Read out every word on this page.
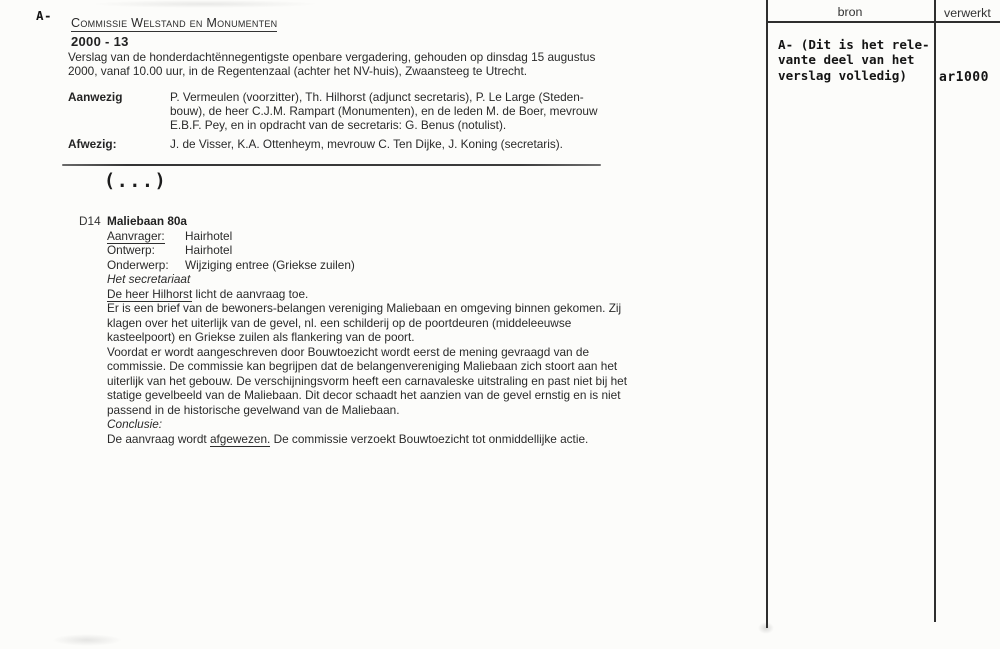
A- Commissie Welstand en Monumenten
2000 - 13
Verslag van de honderdachtënnegentigste openbare vergadering, gehouden op dinsdag 15 augustus
2000, vanaf 10.00 uur, in de Regentenzaal (achter het NV-huis), Zwaansteeg te Utrecht.
Aanwezig	P. Vermeulen (voorzitter), Th. Hilhorst (adjunct secretaris), P. Le Large (Steden-
bouw), de heer C.J.M. Rampart (Monumenten), en de leden M. de Boer, mevrouw
E.B.F. Pey, en in opdracht van de secretaris: G. Benus (notulist).
Afwezig:	J. de Visser, K.A. Ottenheym, mevrouw C. Ten Dijke, J. Koning (secretaris).
(...)
D14 Maliebaan 80a
Aanvrager:	Hairhotel
Ontwerp:	Hairhotel
Onderwerp:	Wijziging entree (Griekse zuilen)
Het secretariaat
De heer Hilhorst licht de aanvraag toe.
Er is een brief van de bewoners-belangen vereniging Maliebaan en omgeving binnen gekomen. Zij
klagen over het uiterlijk van de gevel, nl. een schilderij op de poortdeuren (middeleeuwse
kasteelpoort) en Griekse zuilen als flankering van de poort.
Voordat er wordt aangeschreven door Bouwtoezicht wordt eerst de mening gevraagd van de
commissie. De commissie kan begrijpen dat de belangenvereniging Maliebaan zich stoort aan het
uiterlijk van het gebouw. De verschijningsvorm heeft een carnavaleske uitstraling en past niet bij het
statige gevelbeeld van de Maliebaan. Dit decor schaadt het aanzien van de gevel ernstig en is niet
passend in de historische gevelwand van de Maliebaan.
Conclusie:
De aanvraag wordt afgewezen. De commissie verzoekt Bouwtoezicht tot onmiddellijke actie.
bron	verwerkt
A- (Dit is het rele-
vante deel van het
verslag volledig)	ar1000
